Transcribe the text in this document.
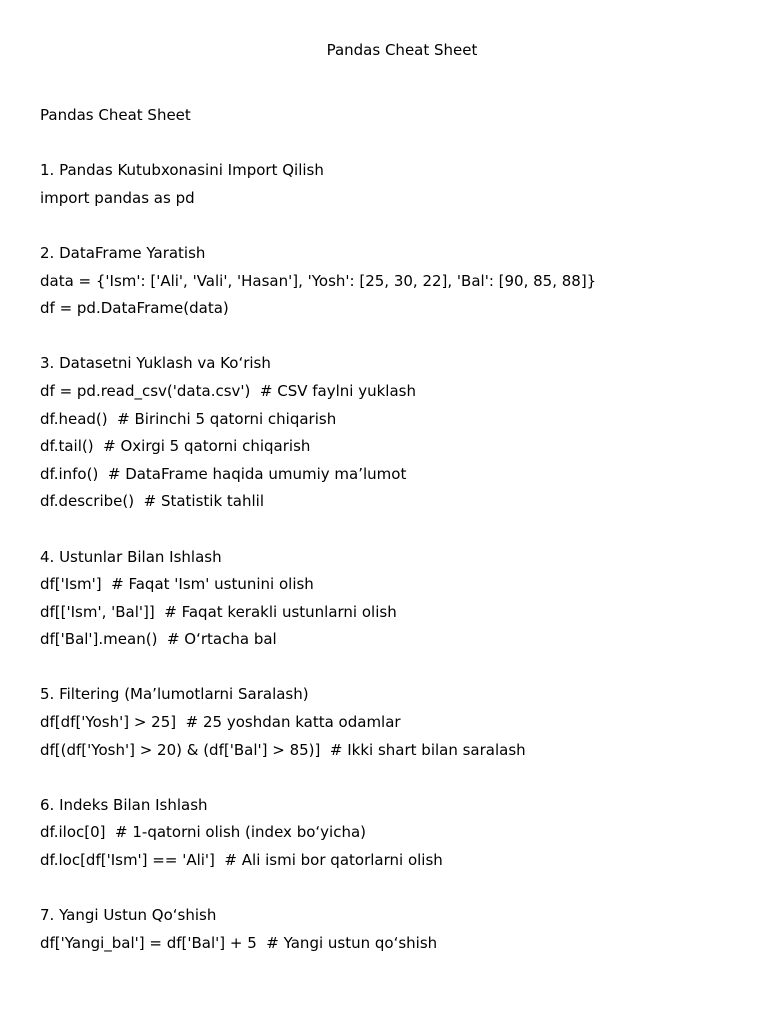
Pandas Cheat Sheet
Pandas Cheat Sheet
1. Pandas Kutubxonasini Import Qilish
import pandas as pd
2. DataFrame Yaratish
data = {'Ism': ['Ali', 'Vali', 'Hasan'], 'Yosh': [25, 30, 22], 'Bal': [90, 85, 88]}
df = pd.DataFrame(data)
3. Datasetni Yuklash va Ko‘rish
df = pd.read_csv('data.csv')  # CSV faylni yuklash
df.head()  # Birinchi 5 qatorni chiqarish
df.tail()  # Oxirgi 5 qatorni chiqarish
df.info()  # DataFrame haqida umumiy ma’lumot
df.describe()  # Statistik tahlil
4. Ustunlar Bilan Ishlash
df['Ism']  # Faqat 'Ism' ustunini olish
df[['Ism', 'Bal']]  # Faqat kerakli ustunlarni olish
df['Bal'].mean()  # O‘rtacha bal
5. Filtering (Ma’lumotlarni Saralash)
df[df['Yosh'] > 25]  # 25 yoshdan katta odamlar
df[(df['Yosh'] > 20) & (df['Bal'] > 85)]  # Ikki shart bilan saralash
6. Indeks Bilan Ishlash
df.iloc[0]  # 1-qatorni olish (index bo‘yicha)
df.loc[df['Ism'] == 'Ali']  # Ali ismi bor qatorlarni olish
7. Yangi Ustun Qo‘shish
df['Yangi_bal'] = df['Bal'] + 5  # Yangi ustun qo‘shish
